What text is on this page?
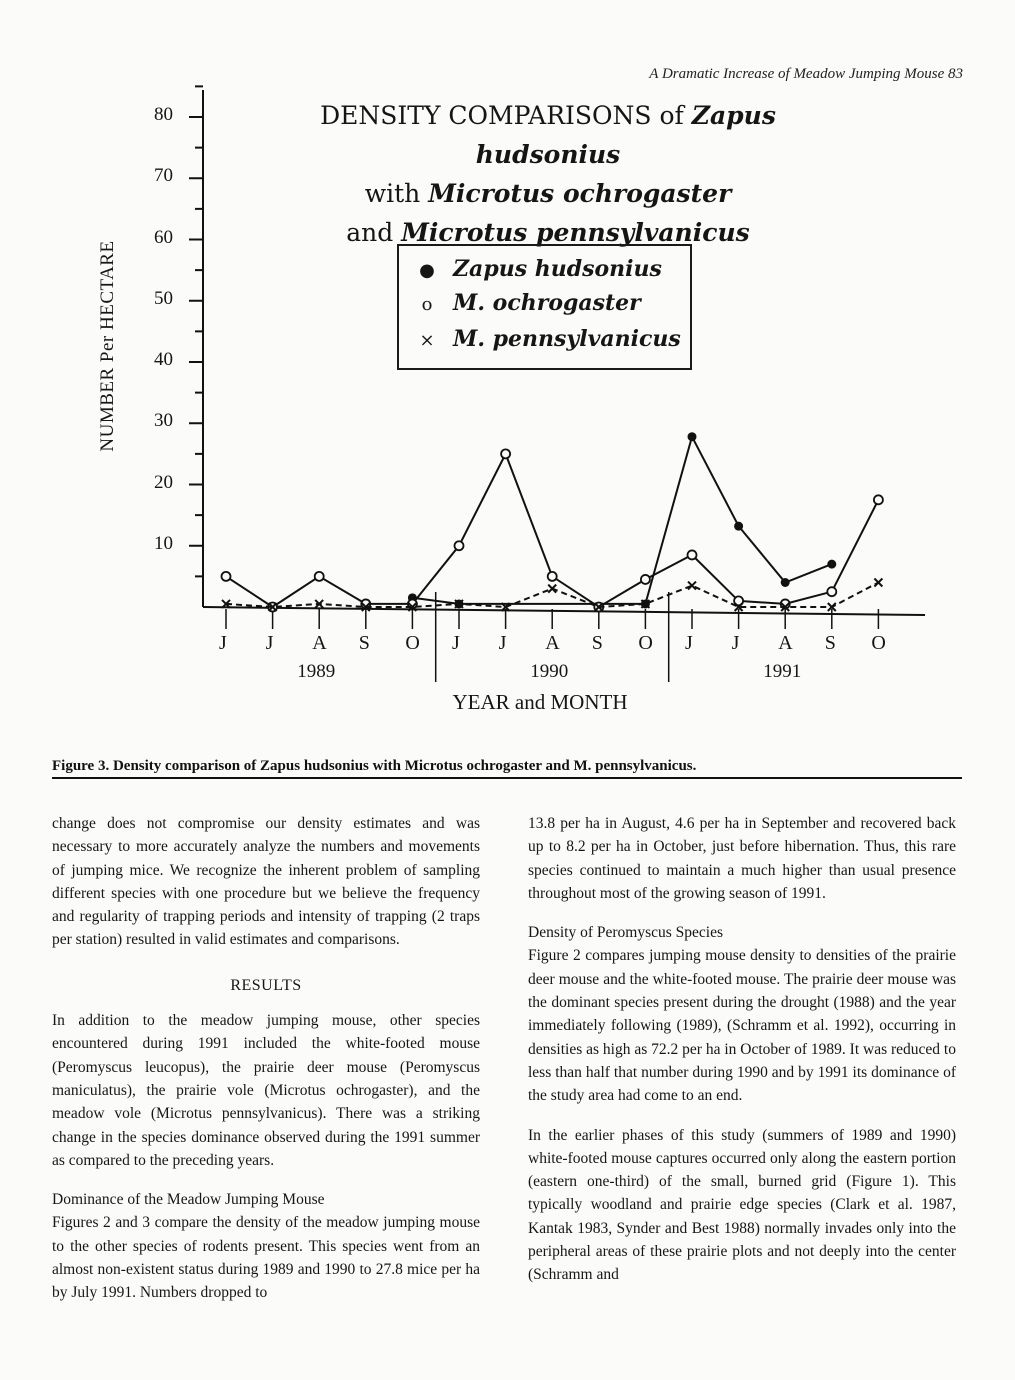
A Dramatic Increase of Meadow Jumping Mouse 83
DENSITY COMPARISONS of Zapus hudsonius
with Microtus ochrogaster
and Microtus pennsylvanicus
NUMBER Per HECTARE
YEAR and MONTH
● Zapus hudsonius
o M. ochrogaster
× M. pennsylvanicus
80
70
60
50
40
30
20
10
J J A S O J J A S O J J A S O
1989	1990	1991
Figure 3. Density comparison of Zapus hudsonius with Microtus ochrogaster and M. pennsylvanicus.

change does not compromise our density estimates and was necessary to more accurately analyze the numbers and movements of jumping mice. We recognize the inherent problem of sampling different species with one procedure but we believe the frequency and regularity of trapping periods and intensity of trapping (2 traps per station) resulted in valid estimates and comparisons.

RESULTS

In addition to the meadow jumping mouse, other species encountered during 1991 included the white-footed mouse (Peromyscus leucopus), the prairie deer mouse (Peromyscus maniculatus), the prairie vole (Microtus ochrogaster), and the meadow vole (Microtus pennsylvanicus). There was a striking change in the species dominance observed during the 1991 summer as compared to the preceding years.

Dominance of the Meadow Jumping Mouse

Figures 2 and 3 compare the density of the meadow jumping mouse to the other species of rodents present. This species went from an almost non-existent status during 1989 and 1990 to 27.8 mice per ha by July 1991. Numbers dropped to

13.8 per ha in August, 4.6 per ha in September and recovered back up to 8.2 per ha in October, just before hibernation. Thus, this rare species continued to maintain a much higher than usual presence throughout most of the growing season of 1991.

Density of Peromyscus Species

Figure 2 compares jumping mouse density to densities of the prairie deer mouse and the white-footed mouse. The prairie deer mouse was the dominant species present during the drought (1988) and the year immediately following (1989), (Schramm et al. 1992), occurring in densities as high as 72.2 per ha in October of 1989. It was reduced to less than half that number during 1990 and by 1991 its dominance of the study area had come to an end.

In the earlier phases of this study (summers of 1989 and 1990) white-footed mouse captures occurred only along the eastern portion (eastern one-third) of the small, burned grid (Figure 1). This typically woodland and prairie edge species (Clark et al. 1987, Kantak 1983, Synder and Best 1988) normally invades only into the peripheral areas of these prairie plots and not deeply into the center (Schramm and
